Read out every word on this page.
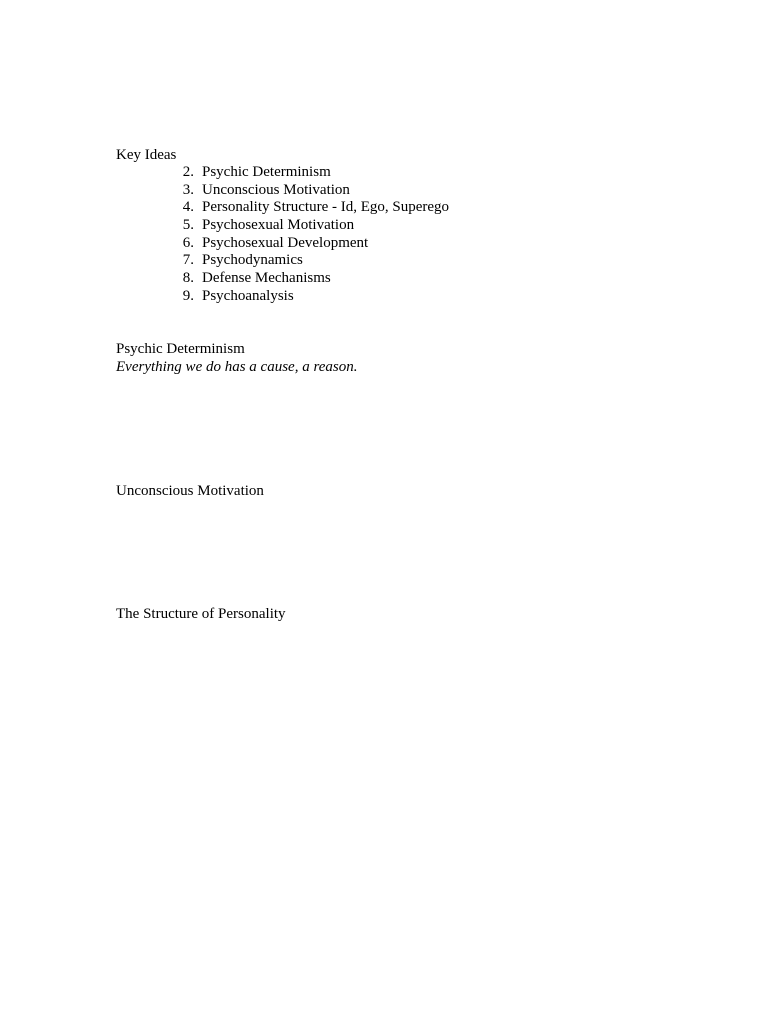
Key Ideas
2. Psychic Determinism
3. Unconscious Motivation
4. Personality Structure - Id, Ego, Superego
5. Psychosexual Motivation
6. Psychosexual Development
7. Psychodynamics
8. Defense Mechanisms
9. Psychoanalysis
Psychic Determinism

Everything we do has a cause, a reason.

Unconscious Motivation
The Structure of Personality
